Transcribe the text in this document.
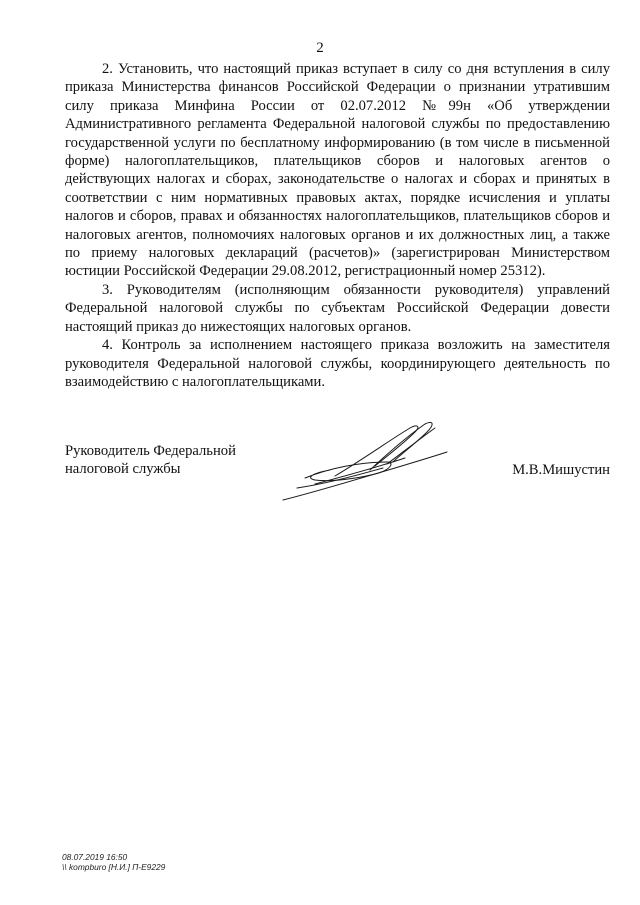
2

2. Установить, что настоящий приказ вступает в силу со дня вступления в силу приказа Министерства финансов Российской Федерации о признании утратившим силу приказа Минфина России от 02.07.2012 №99н «Об утверждении Административного регламента Федеральной налоговой службы по предоставлению государственной услуги по бесплатному информированию (в том числе в письменной форме) налогоплательщиков, плательщиков сборов и налоговых агентов о действующих налогах и сборах, законодательстве о налогах и сборах и принятых в соответствии с ним нормативных правовых актах, порядке исчисления и уплаты налогов и сборов, правах и обязанностях налогоплательщиков, плательщиков сборов и налоговых агентов, полномочиях налоговых органов и их должностных лиц, а также по приему налоговых деклараций (расчетов)» (зарегистрирован Министерством юстиции Российской Федерации 29.08.2012, регистрационный номер 25312).

3. Руководителям (исполняющим обязанности руководителя) управлений Федеральной налоговой службы по субъектам Российской Федерации довести настоящий приказ до нижестоящих налоговых органов.

4. Контроль за исполнением настоящего приказа возложить на заместителя руководителя Федеральной налоговой службы, координирующего деятельность по взаимодействию с налогоплательщиками.

Руководитель Федеральной
налоговой службы	М.В.Мишустин
08.07.2019 16:50
\\ kompburo [Н.И.] П-Е9229
